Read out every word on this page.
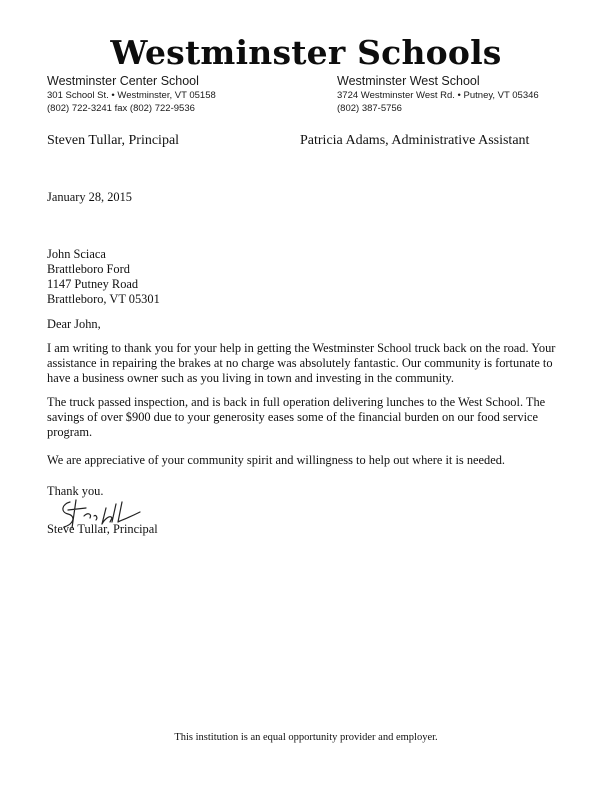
Westminster Schools
Westminster Center School
301 School St. • Westminster, VT 05158
(802) 722-3241 fax (802) 722-9536
Westminster West School
3724 Westminster West Rd. • Putney, VT 05346
(802) 387-5756
Steven Tullar, Principal	Patricia Adams, Administrative Assistant
January 28, 2015
John Sciaca
Brattleboro Ford
1147 Putney Road
Brattleboro, VT 05301
Dear John,
I am writing to thank you for your help in getting the Westminster School truck back on the road. Your assistance in repairing the brakes at no charge was absolutely fantastic. Our community is fortunate to have a business owner such as you living in town and investing in the community.
The truck passed inspection, and is back in full operation delivering lunches to the West School. The savings of over $900 due to your generosity eases some of the financial burden on our food service program.
We are appreciative of your community spirit and willingness to help out where it is needed.
Thank you.
Steve Tullar, Principal
This institution is an equal opportunity provider and employer.
